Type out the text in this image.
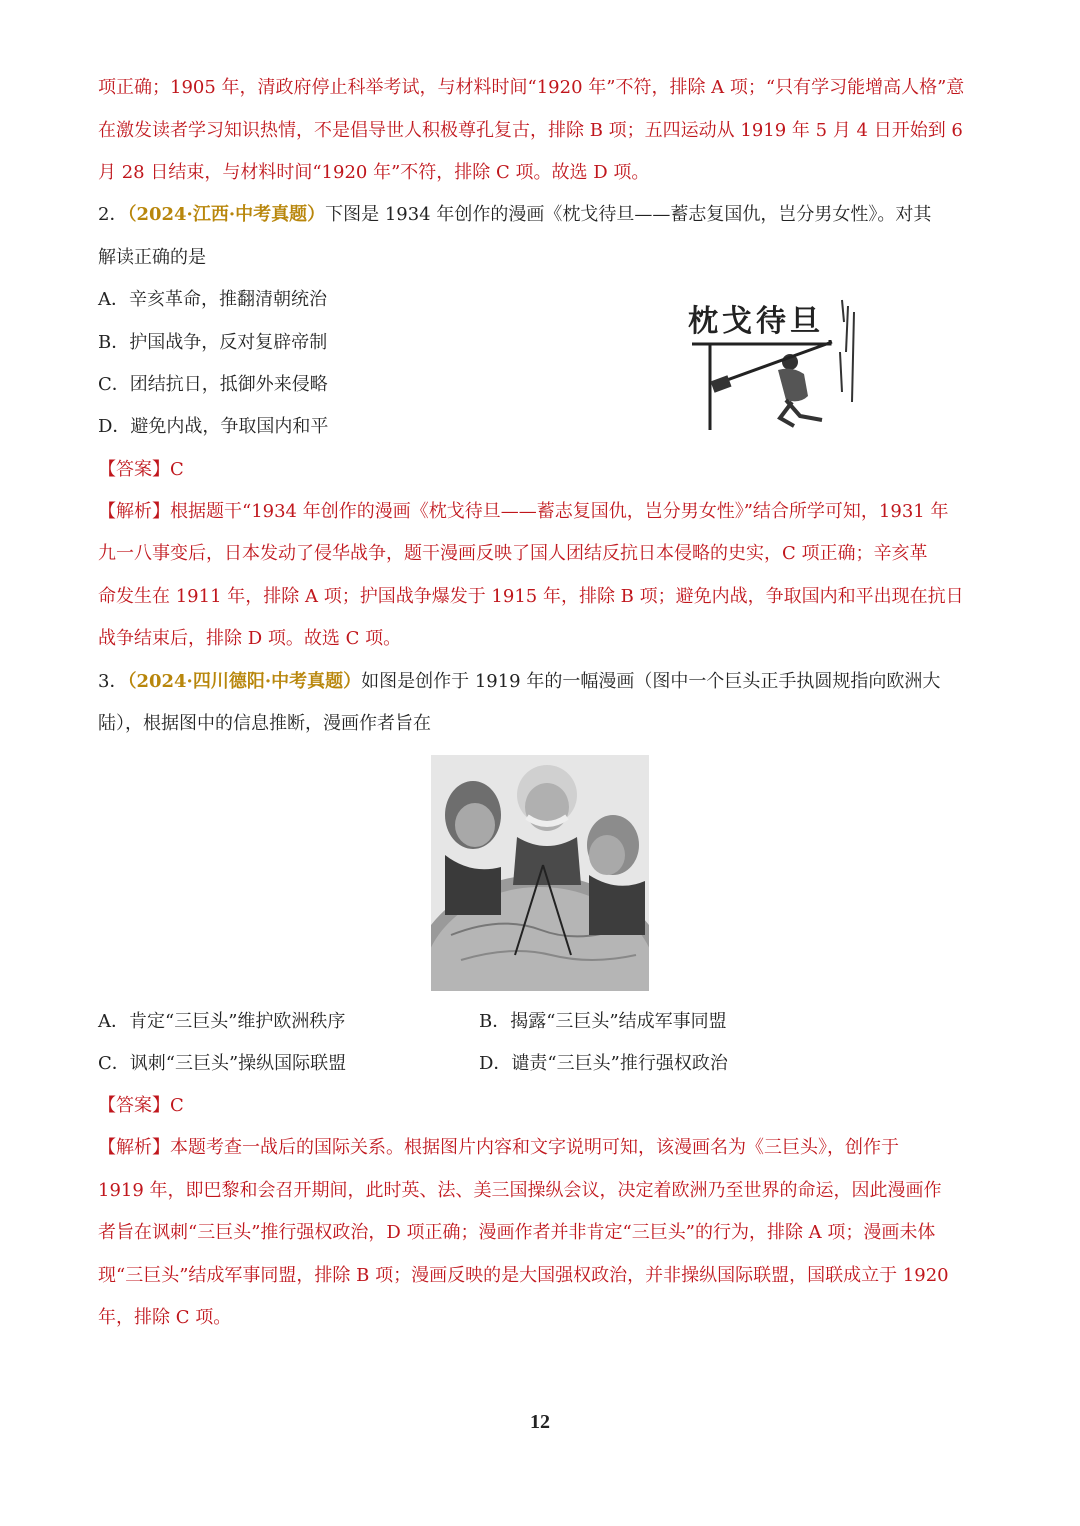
项正确；1905 年，清政府停止科举考试，与材料时间“1920 年”不符，排除 A 项；“只有学习能增高人格”意
在激发读者学习知识热情，不是倡导世人积极尊孔复古，排除 B 项；五四运动从 1919 年 5 月 4 日开始到 6
月 28 日结束，与材料时间“1920 年”不符，排除 C 项。故选 D 项。
2．（2024·江西·中考真题）下图是 1934 年创作的漫画《枕戈待旦——蓄志复国仇，岂分男女性》。对其
解读正确的是
A．辛亥革命，推翻清朝统治
B．护国战争，反对复辟帝制
C．团结抗日，抵御外来侵略
D．避免内战，争取国内和平
枕戈待旦
【答案】C
【解析】根据题干“1934 年创作的漫画《枕戈待旦——蓄志复国仇，岂分男女性》”结合所学可知，1931 年
九一八事变后，日本发动了侵华战争，题干漫画反映了国人团结反抗日本侵略的史实，C 项正确；辛亥革
命发生在 1911 年，排除 A 项；护国战争爆发于 1915 年，排除 B 项；避免内战，争取国内和平出现在抗日
战争结束后，排除 D 项。故选 C 项。
3．（2024·四川德阳·中考真题）如图是创作于 1919 年的一幅漫画（图中一个巨头正手执圆规指向欧洲大
陆），根据图中的信息推断，漫画作者旨在
A．肯定“三巨头”维护欧洲秩序	B．揭露“三巨头”结成军事同盟
C．讽刺“三巨头”操纵国际联盟	D．谴责“三巨头”推行强权政治
【答案】C
【解析】本题考查一战后的国际关系。根据图片内容和文字说明可知，该漫画名为《三巨头》，创作于
1919 年，即巴黎和会召开期间，此时英、法、美三国操纵会议，决定着欧洲乃至世界的命运，因此漫画作
者旨在讽刺“三巨头”推行强权政治，D 项正确；漫画作者并非肯定“三巨头”的行为，排除 A 项；漫画未体
现“三巨头”结成军事同盟，排除 B 项；漫画反映的是大国强权政治，并非操纵国际联盟，国联成立于 1920
年，排除 C 项。
12
